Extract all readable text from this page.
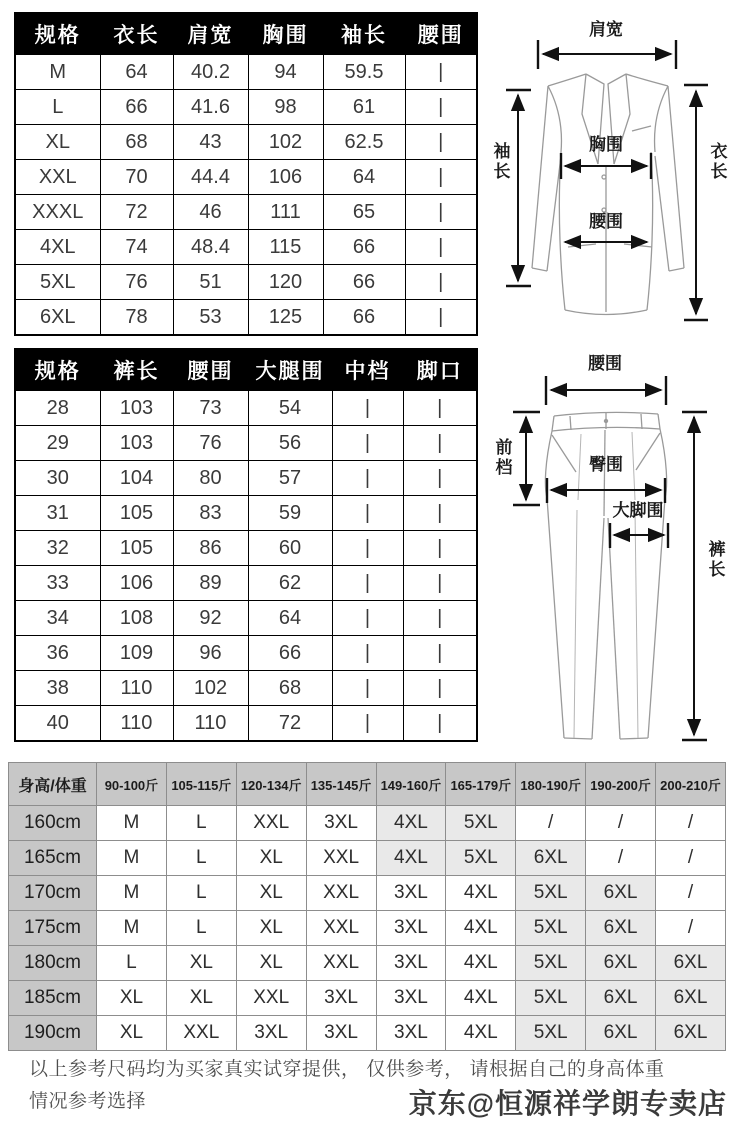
规格	衣长	肩宽	胸围	袖长	腰围
M	64	40.2	94	59.5	|
L	66	41.6	98	61	|
XL	68	43	102	62.5	|
XXL	70	44.4	106	64	|
XXXL	72	46	111	65	|
4XL	74	48.4	115	66	|
5XL	76	51	120	66	|
6XL	78	53	125	66	|
肩宽
胸围
腰围
袖长	衣长
规格	裤长	腰围	大腿围	中档	脚口
28	103	73	54	|	|
29	103	76	56	|	|
30	104	80	57	|	|
31	105	83	59	|	|
32	105	86	60	|	|
33	106	89	62	|	|
34	108	92	64	|	|
36	109	96	66	|	|
38	110	102	68	|	|
40	110	110	72	|	|
腰围
前档	臀围
大脚围
裤长
身高/体重	90-100斤	105-115斤	120-134斤	135-145斤	149-160斤	165-179斤	180-190斤	190-200斤	200-210斤
160cm	M	L	XXL	3XL	4XL	5XL	/	/	/
165cm	M	L	XL	XXL	4XL	5XL	6XL	/	/
170cm	M	L	XL	XXL	3XL	4XL	5XL	6XL	/
175cm	M	L	XL	XXL	3XL	4XL	5XL	6XL	/
180cm	L	XL	XL	XXL	3XL	4XL	5XL	6XL	6XL
185cm	XL	XL	XXL	3XL	3XL	4XL	5XL	6XL	6XL
190cm	XL	XXL	3XL	3XL	3XL	4XL	5XL	6XL	6XL
以上参考尺码均为买家真实试穿提供， 仅供参考， 请根据自己的身高体重
情况参考选择	京东@恒源祥学朗专卖店
